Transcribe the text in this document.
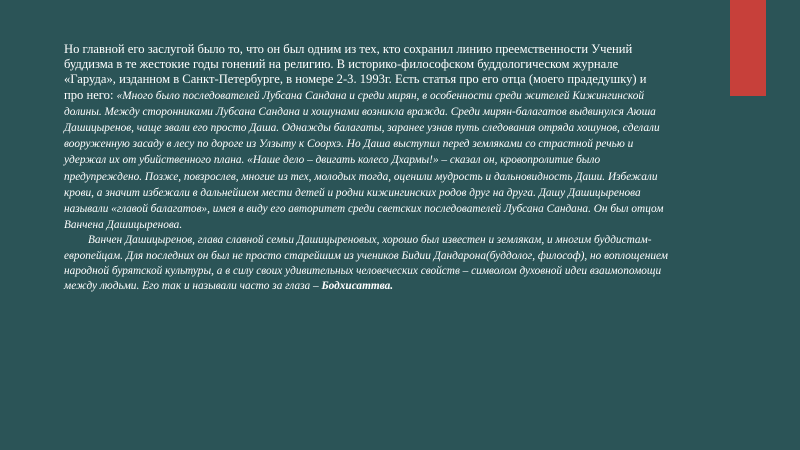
Но главной его заслугой было то, что он был одним из тех, кто сохранил линию преемственности Учений буддизма в те жестокие годы гонений на религию. В историко-философском буддологическом журнале «Гаруда», изданном в Санкт-Петербурге, в номере 2-3. 1993г. Есть статья про его отца (моего прадедушку) и про него: «Много было последователей Лубсана Сандана и среди мирян, в особенности среди жителей Кижингинской долины. Между сторонниками Лубсана Сандана и хошунами возникла вражда. Среди мирян-балагатов выдвинулся Аюша Дашицыренов, чаще звали его просто Даша. Однажды балагаты, заранее узнав путь следования отряда хошунов, сделали вооруженную засаду в лесу по дороге из Улзыту к Соорхэ. Но Даша выступил перед земляками со страстной речью и удержал их от убийственного плана. «Наше дело – двигать колесо Дхармы!» – сказал он, кровопролитие было предупреждено. Позже, повзрослев, многие из тех, молодых тогда, оценили мудрость и дальновидность Даши. Избежали крови, а значит избежали в дальнейшем мести детей и родни кижингинских родов друг на друга. Дашу Дашицыренова называли «главой балагатов», имея в виду его авторитет среди светских последователей Лубсана Сандана. Он был отцом Ванчена Дашицыренова.

Ванчен Дашицыренов, глава славной семьи Дашицыреновых, хорошо был известен и землякам, и многим буддистам-европейцам. Для последних он был не просто старейшим из учеников Бидии Дандарона(буддолог, философ), но воплощением народной бурятской культуры, а в силу своих удивительных человеческих свойств – символом духовной идеи взаимопомощи между людьми. Его так и называли часто за глаза – Бодхисаттва.
